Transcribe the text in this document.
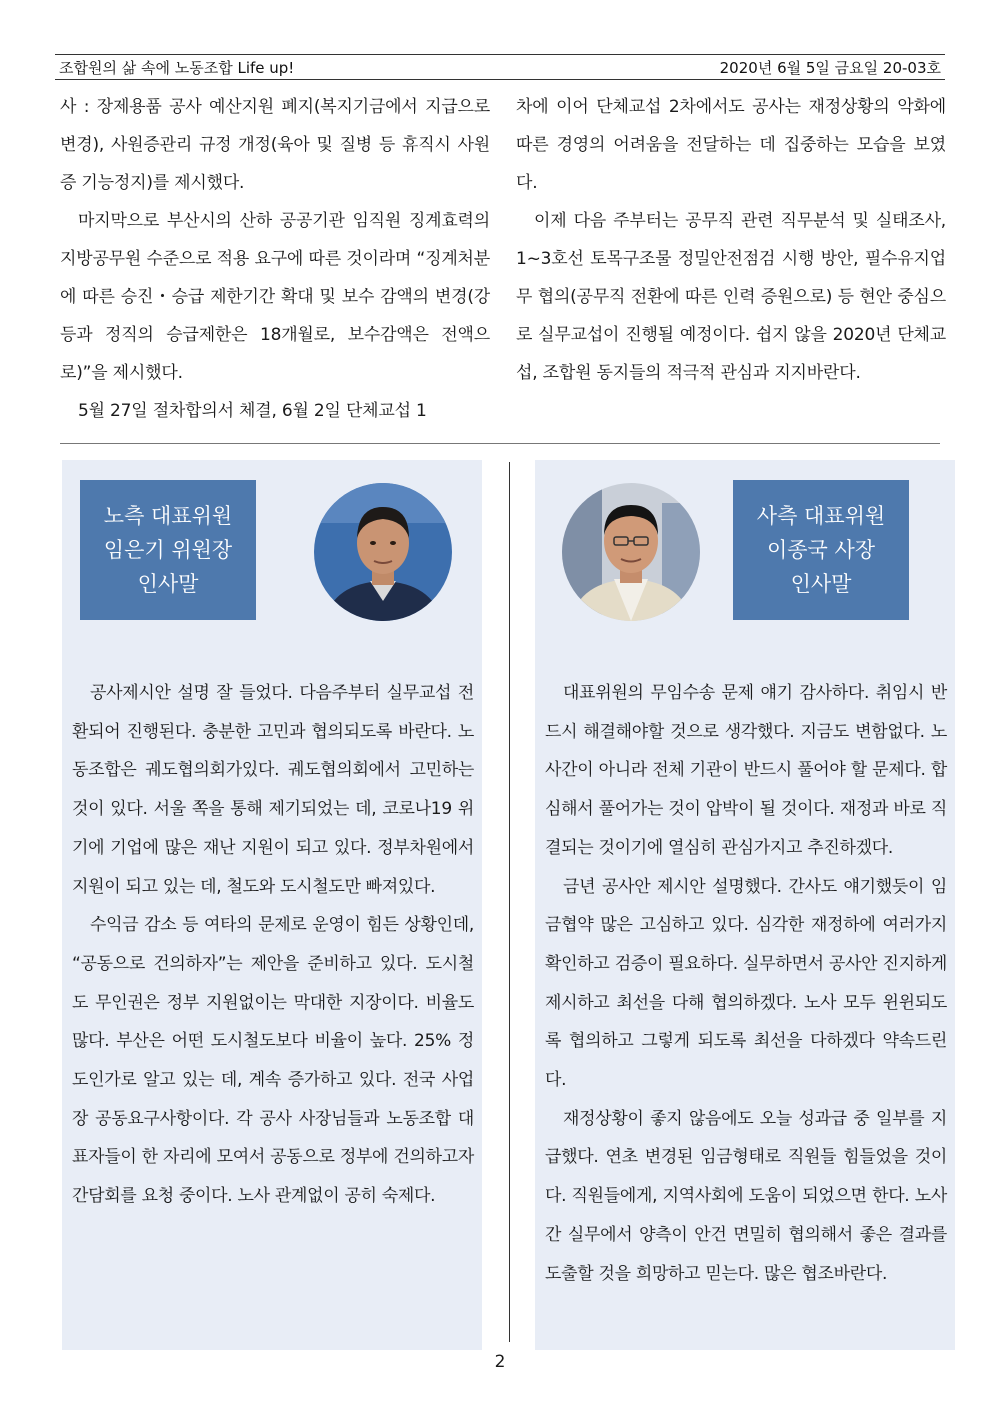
조합원의 삶 속에 노동조합 Life up!	2020년 6월 5일 금요일 20-03호

사 : 장제용품 공사 예산지원 폐지(복지기금에서 지급으로 변경), 사원증관리 규정 개정(육아 및 질병 등 휴직시 사원증 기능정지)를 제시했다.

마지막으로 부산시의 산하 공공기관 임직원 징계효력의 지방공무원 수준으로 적용 요구에 따른 것이라며 “징계처분에 따른 승진・승급 제한기간 확대 및 보수 감액의 변경(강등과 정직의 승급제한은 18개월로, 보수감액은 전액으로)”을 제시했다.

5월 27일 절차합의서 체결, 6월 2일 단체교섭 1

차에 이어 단체교섭 2차에서도 공사는 재정상황의 악화에 따른 경영의 어려움을 전달하는 데 집중하는 모습을 보였다.

이제 다음 주부터는 공무직 관련 직무분석 및 실태조사, 1~3호선 토목구조물 정밀안전점검 시행 방안, 필수유지업무 협의(공무직 전환에 따른 인력 증원으로) 등 현안 중심으로 실무교섭이 진행될 예정이다. 쉽지 않을 2020년 단체교섭, 조합원 동지들의 적극적 관심과 지지바란다.

노측 대표위원
임은기 위원장
인사말

공사제시안 설명 잘 들었다. 다음주부터 실무교섭 전환되어 진행된다. 충분한 고민과 협의되도록 바란다. 노동조합은 궤도협의회가있다. 궤도협의회에서 고민하는 것이 있다. 서울 쪽을 통해 제기되었는 데, 코로나19 위기에 기업에 많은 재난 지원이 되고 있다. 정부차원에서 지원이 되고 있는 데, 철도와 도시철도만 빠져있다.

수익금 감소 등 여타의 문제로 운영이 힘든 상황인데, “공동으로 건의하자”는 제안을 준비하고 있다. 도시철도 무인권은 정부 지원없이는 막대한 지장이다. 비율도 많다. 부산은 어떤 도시철도보다 비율이 높다. 25% 정도인가로 알고 있는 데, 계속 증가하고 있다. 전국 사업장 공동요구사항이다. 각 공사 사장님들과 노동조합 대표자들이 한 자리에 모여서 공동으로 정부에 건의하고자 간담회를 요청 중이다. 노사 관계없이 공히 숙제다.

사측 대표위원
이종국 사장
인사말

대표위원의 무임수송 문제 얘기 감사하다. 취임시 반드시 해결해야할 것으로 생각했다. 지금도 변함없다. 노사간이 아니라 전체 기관이 반드시 풀어야 할 문제다. 합심해서 풀어가는 것이 압박이 될 것이다. 재정과 바로 직결되는 것이기에 열심히 관심가지고 추진하겠다.

금년 공사안 제시안 설명했다. 간사도 얘기했듯이 임금협약 많은 고심하고 있다. 심각한 재정하에 여러가지 확인하고 검증이 필요하다. 실무하면서 공사안 진지하게 제시하고 최선을 다해 협의하겠다. 노사 모두 윈윈되도록 협의하고 그렇게 되도록 최선을 다하겠다 약속드린다.

재정상황이 좋지 않음에도 오늘 성과급 중 일부를 지급했다. 연초 변경된 임금형태로 직원들 힘들었을 것이다. 직원들에게, 지역사회에 도움이 되었으면 한다. 노사간 실무에서 양측이 안건 면밀히 협의해서 좋은 결과를 도출할 것을 희망하고 믿는다. 많은 협조바란다.

2
